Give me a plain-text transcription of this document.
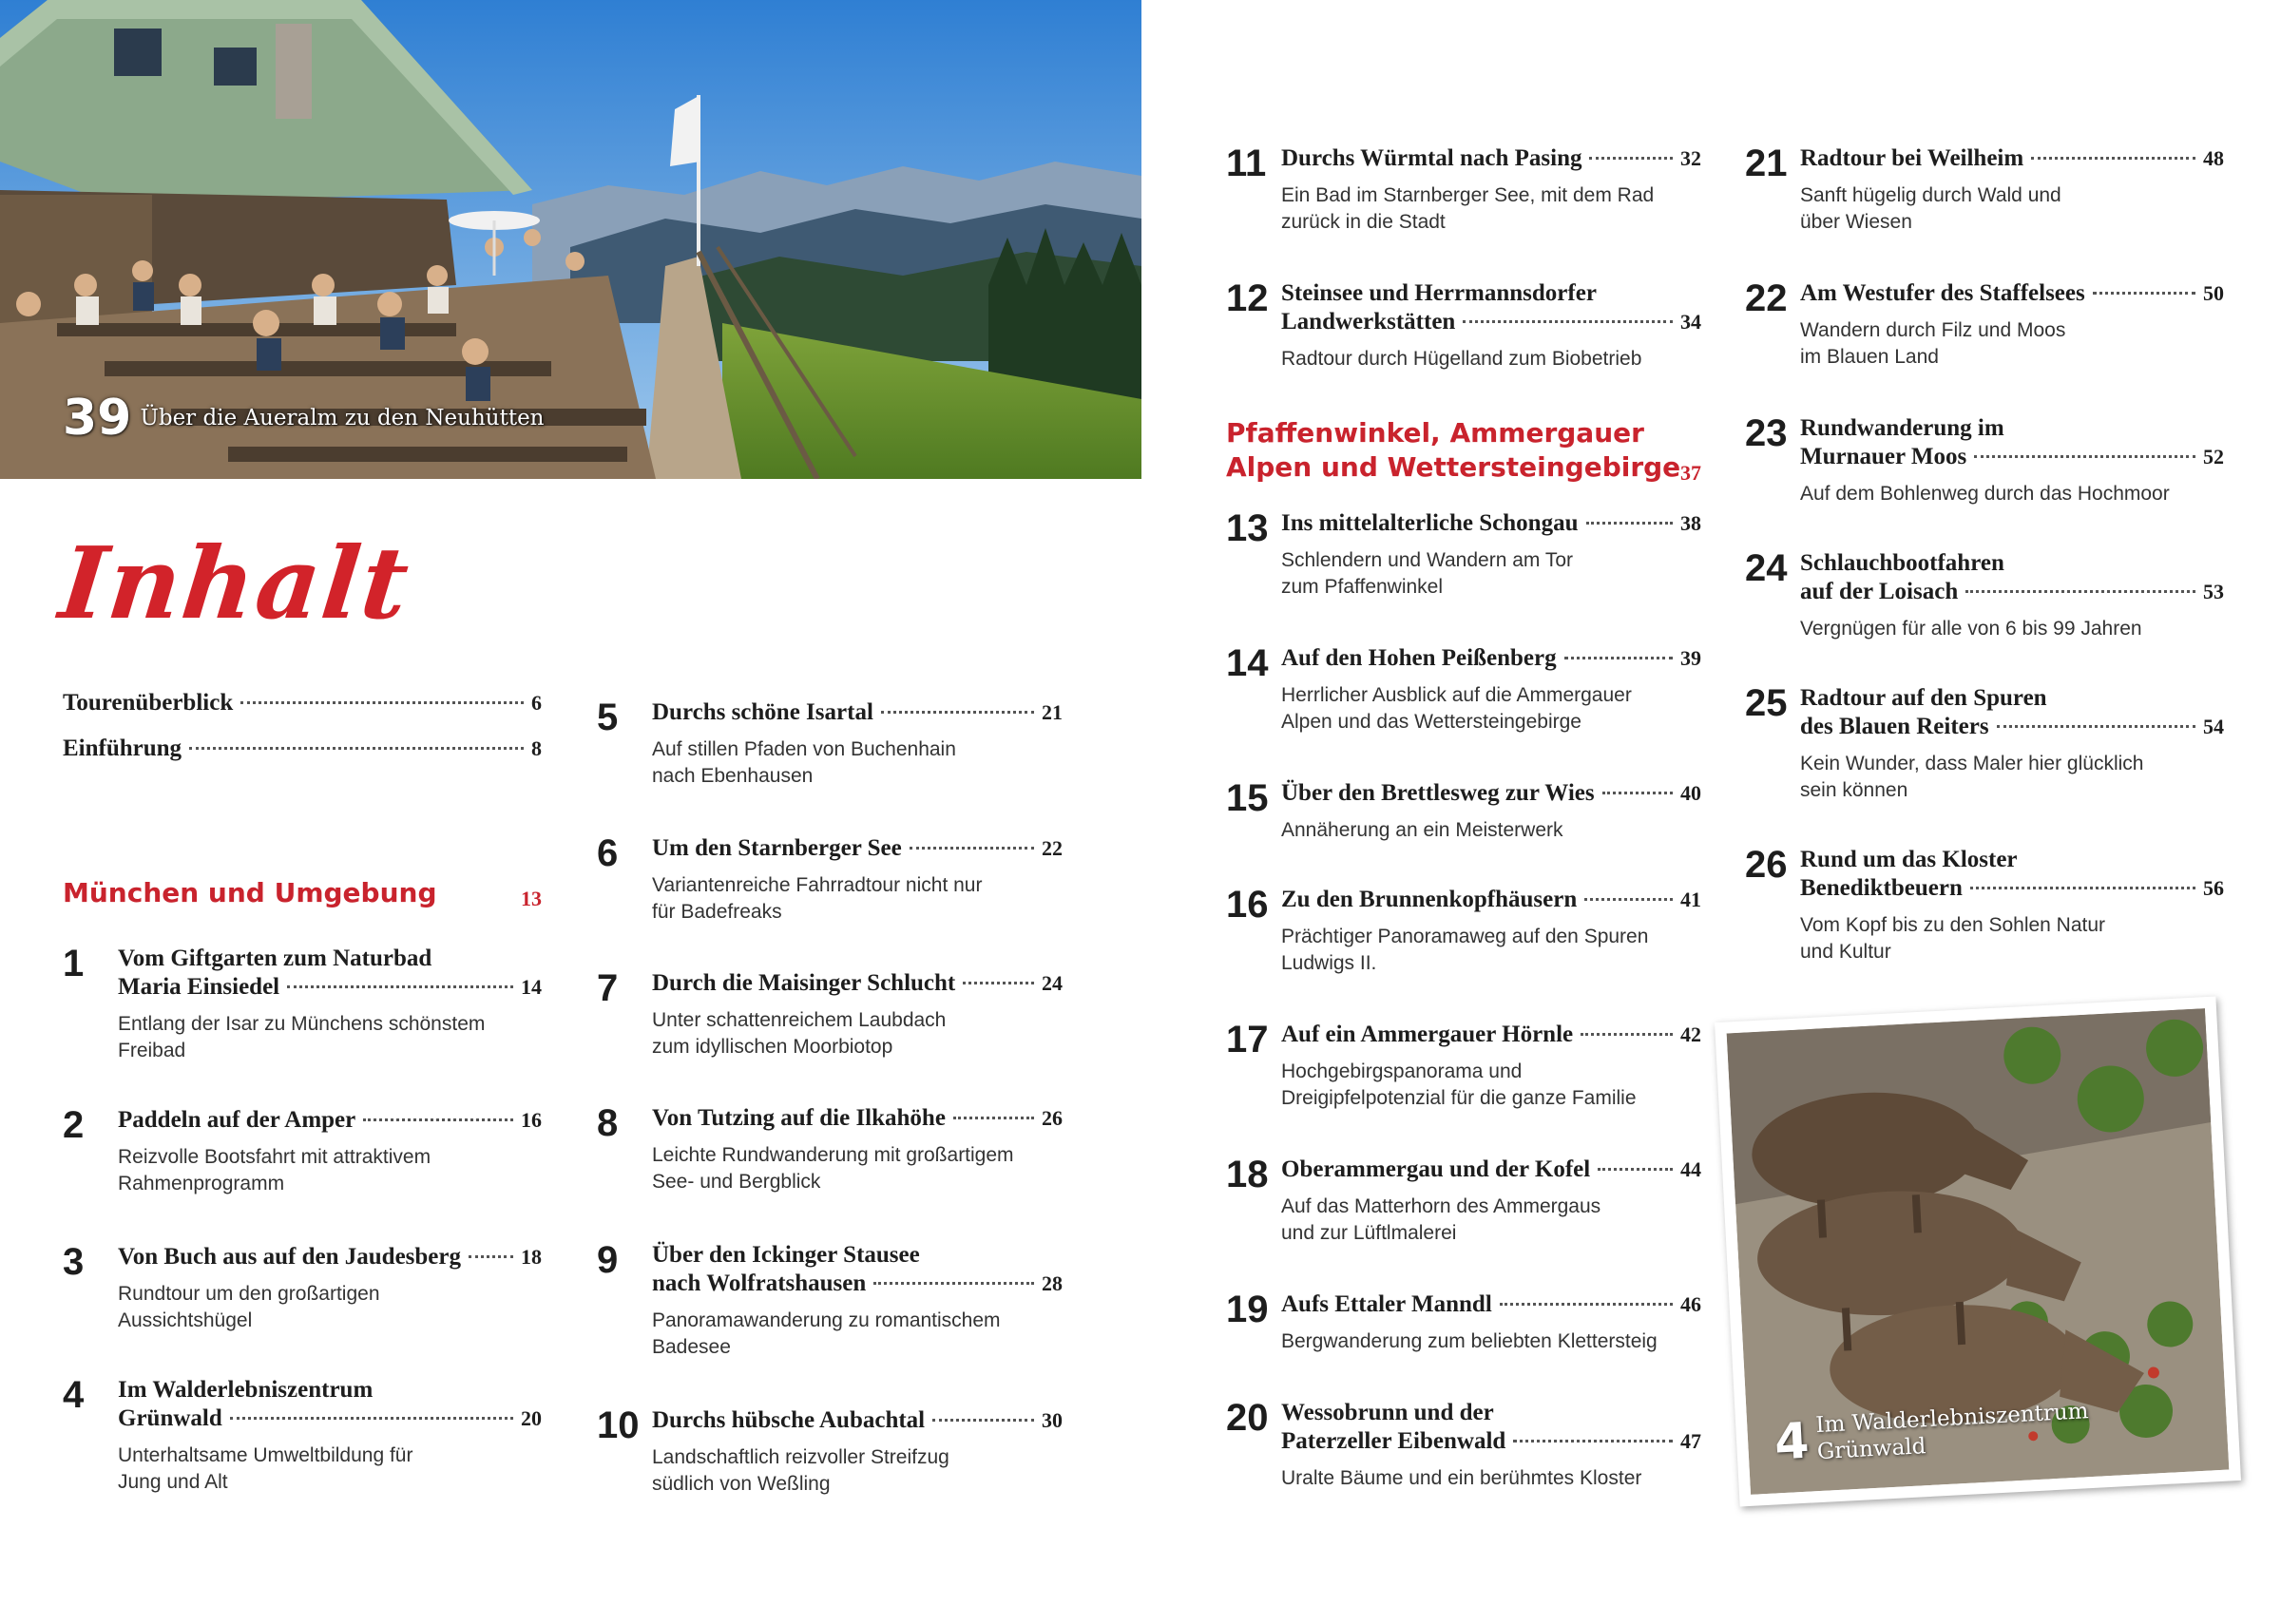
39 Über die Aueralm zu den Neuhütten
Inhalt
Tourenüberblick	6
Einführung	8
München und Umgebung	13
Pfaffenwinkel, Ammergauer
Alpen und Wettersteingebirge 37
1	Vom Giftgarten zum Naturbad
Maria Einsiedel	14
Entlang der Isar zu Münchens schönstem
Freibad
2	Paddeln auf der Amper	16
Reizvolle Bootsfahrt mit attraktivem
Rahmenprogramm
3	Von Buch aus auf den Jaudesberg	18
Rundtour um den großartigen
Aussichtshügel
4	Im Walderlebniszentrum
Grünwald	20
Unterhaltsame Umweltbildung für
Jung und Alt
5	Durchs schöne Isartal	21
Auf stillen Pfaden von Buchenhain
nach Ebenhausen
6	Um den Starnberger See	22
Variantenreiche Fahrradtour nicht nur
für Badefreaks
7	Durch die Maisinger Schlucht	24
Unter schattenreichem Laubdach
zum idyllischen Moorbiotop
8	Von Tutzing auf die Ilkahöhe	26
Leichte Rundwanderung mit großartigem
See- und Bergblick
9	Über den Ickinger Stausee
nach Wolfratshausen	28
Panoramawanderung zu romantischem
Badesee
10 Durchs hübsche Aubachtal	30
Landschaftlich reizvoller Streifzug
südlich von Weßling
11 Durchs Würmtal nach Pasing	32
Ein Bad im Starnberger See, mit dem Rad
zurück in die Stadt
12 Steinsee und Herrmannsdorfer
Landwerkstätten	34
Radtour durch Hügelland zum Biobetrieb
13 Ins mittelalterliche Schongau	38
Schlendern und Wandern am Tor
zum Pfaffenwinkel
14 Auf den Hohen Peißenberg	39
Herrlicher Ausblick auf die Ammergauer
Alpen und das Wettersteingebirge
15 Über den Brettlesweg zur Wies	40
Annäherung an ein Meisterwerk
16 Zu den Brunnenkopfhäusern	41
Prächtiger Panoramaweg auf den Spuren
Ludwigs II.
17 Auf ein Ammergauer Hörnle	42
Hochgebirgspanorama und
Dreigipfelpotenzial für die ganze Familie
18 Oberammergau und der Kofel	44
Auf das Matterhorn des Ammergaus
und zur Lüftlmalerei
19 Aufs Ettaler Manndl	46
Bergwanderung zum beliebten Klettersteig
20 Wessobrunn und der
Paterzeller Eibenwald	47
Uralte Bäume und ein berühmtes Kloster
21 Radtour bei Weilheim	48
Sanft hügelig durch Wald und
über Wiesen
22 Am Westufer des Staffelsees	50
Wandern durch Filz und Moos
im Blauen Land
23 Rundwanderung im
Murnauer Moos	52
Auf dem Bohlenweg durch das Hochmoor
24 Schlauchbootfahren
auf der Loisach	53
Vergnügen für alle von 6 bis 99 Jahren
25 Radtour auf den Spuren
des Blauen Reiters	54
Kein Wunder, dass Maler hier glücklich
sein können
26 Rund um das Kloster
Benediktbeuern	56
Vom Kopf bis zu den Sohlen Natur
und Kultur
4 Im Walderlebniszentrum
Grünwald
